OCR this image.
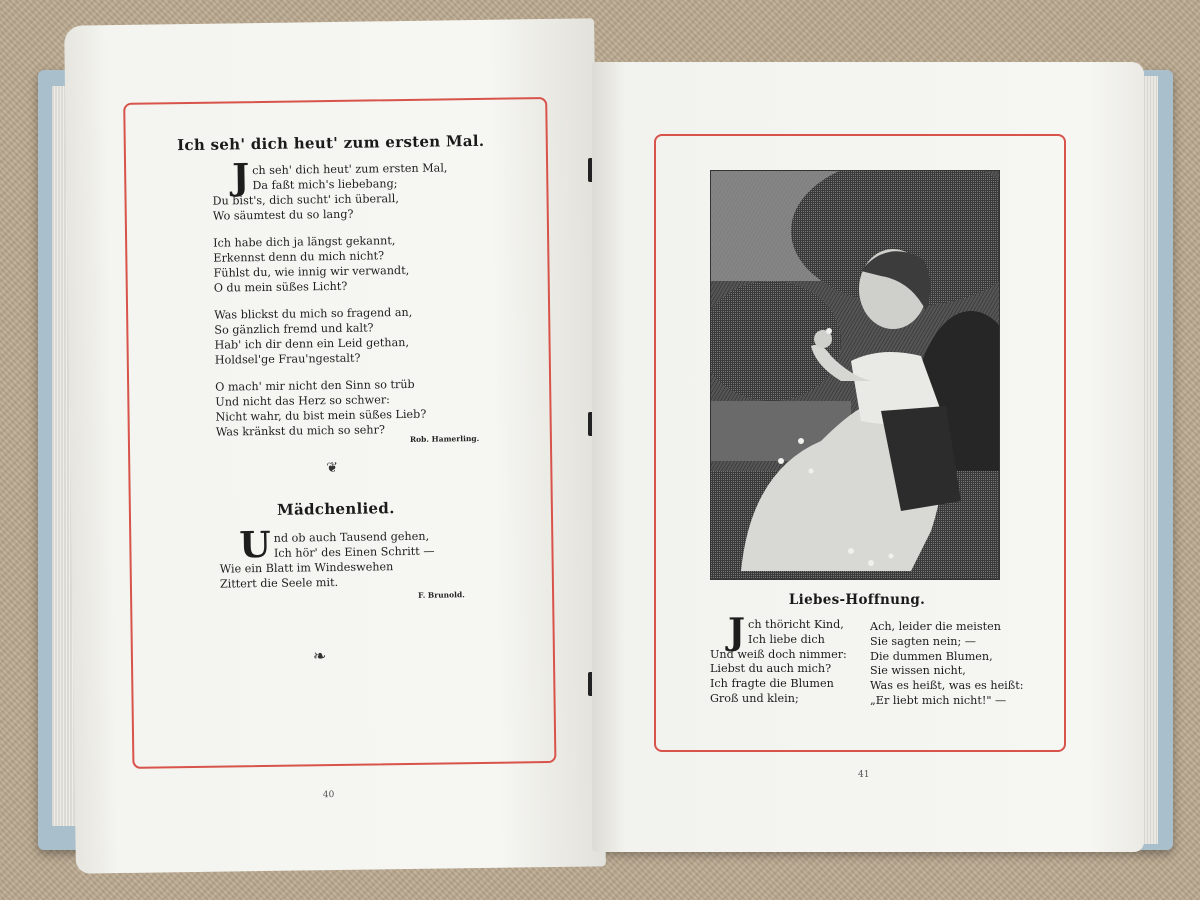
Ich seh' dich heut' zum ersten Mal.
J ch seh' dich heut' zum ersten Mal,
Da faßt mich's liebebang;
Du bist's, dich sucht' ich überall,
Wo säumtest du so lang?
Ich habe dich ja längst gekannt,
Erkennst denn du mich nicht?
Fühlst du, wie innig wir verwandt,
O du mein süßes Licht?
Was blickst du mich so fragend an,
So gänzlich fremd und kalt?
Hab' ich dir denn ein Leid gethan,
Holdsel'ge Frau'ngestalt?
O mach' mir nicht den Sinn so trüb
Und nicht das Herz so schwer:
Nicht wahr, du bist mein süßes Lieb?
Was kränkst du mich so sehr?
Rob. Hamerling.
❦
Mädchenlied.
U nd ob auch Tausend gehen,
Ich hör' des Einen Schritt —
Wie ein Blatt im Windeswehen
Zittert die Seele mit.
F. Brunold.
❧
40
Liebes-Hoffnung.
J ch thöricht Kind,
Ich liebe dich
Und weiß doch nimmer:
Liebst du auch mich?
Ich fragte die Blumen
Groß und klein;
Ach, leider die meisten
Sie sagten nein; —
Die dummen Blumen,
Sie wissen nicht,
Was es heißt, was es heißt:
„Er liebt mich nicht!" —
41
